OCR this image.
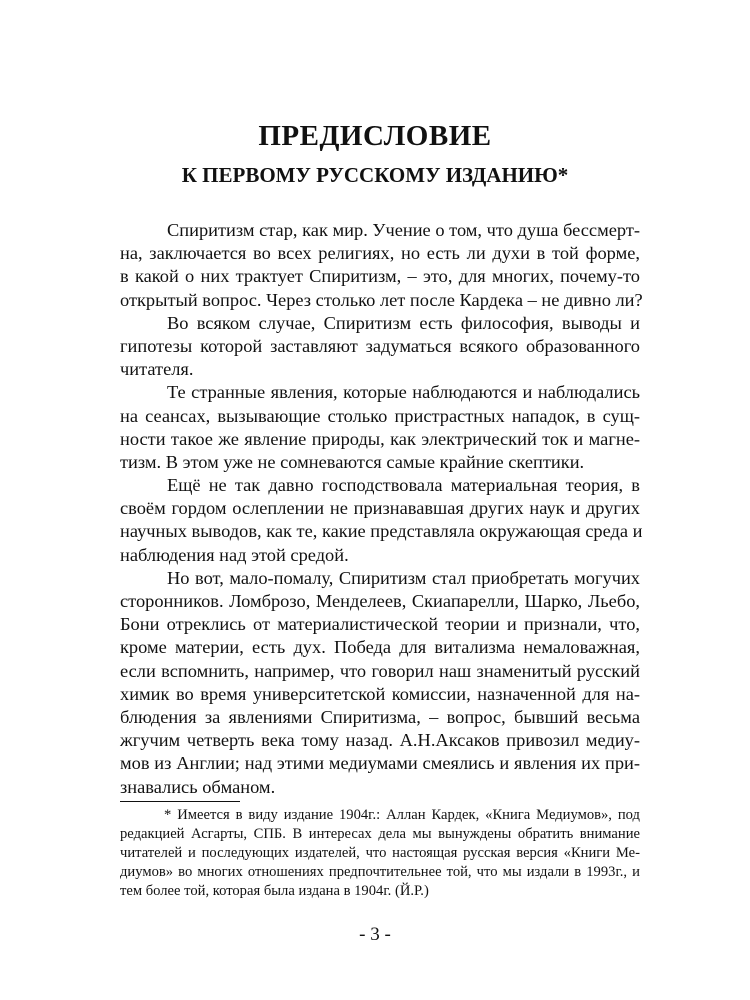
ПРЕДИСЛОВИЕ
К ПЕРВОМУ РУССКОМУ ИЗДАНИЮ*

Спиритизм стар, как мир. Учение о том, что душа бессмерт-
на, заключается во всех религиях, но есть ли духи в той форме,
в какой о них трактует Спиритизм, – это, для многих, почему-то
открытый вопрос. Через столько лет после Кардека – не дивно ли?

Во всяком случае, Спиритизм есть философия, выводы и
гипотезы которой заставляют задуматься всякого образованного
читателя.

Те странные явления, которые наблюдаются и наблюдались
на сеансах, вызывающие столько пристрастных нападок, в сущ-
ности такое же явление природы, как электрический ток и магне-
тизм. В этом уже не сомневаются самые крайние скептики.

Ещё не так давно господствовала материальная теория, в
своём гордом ослеплении не признававшая других наук и других
научных выводов, как те, какие представляла окружающая среда и
наблюдения над этой средой.

Но вот, мало-помалу, Спиритизм стал приобретать могучих
сторонников. Ломброзо, Менделеев, Скиапарелли, Шарко, Льебо,
Бони отреклись от материалистической теории и признали, что,
кроме материи, есть дух. Победа для витализма немаловажная,
если вспомнить, например, что говорил наш знаменитый русский
химик во время университетской комиссии, назначенной для на-
блюдения за явлениями Спиритизма, – вопрос, бывший весьма
жгучим четверть века тому назад. А.Н.Аксаков привозил медиу-
мов из Англии; над этими медиумами смеялись и явления их при-
знавались обманом.

* Имеется в виду издание 1904г.: Аллан Кардек, «Книга Медиумов», под
редакцией Асгарты, СПБ. В интересах дела мы вынуждены обратить внимание
читателей и последующих издателей, что настоящая русская версия «Книги Ме-
диумов» во многих отношениях предпочтительнее той, что мы издали в 1993г., и
тем более той, которая была издана в 1904г. (Й.Р.)

- 3 -
